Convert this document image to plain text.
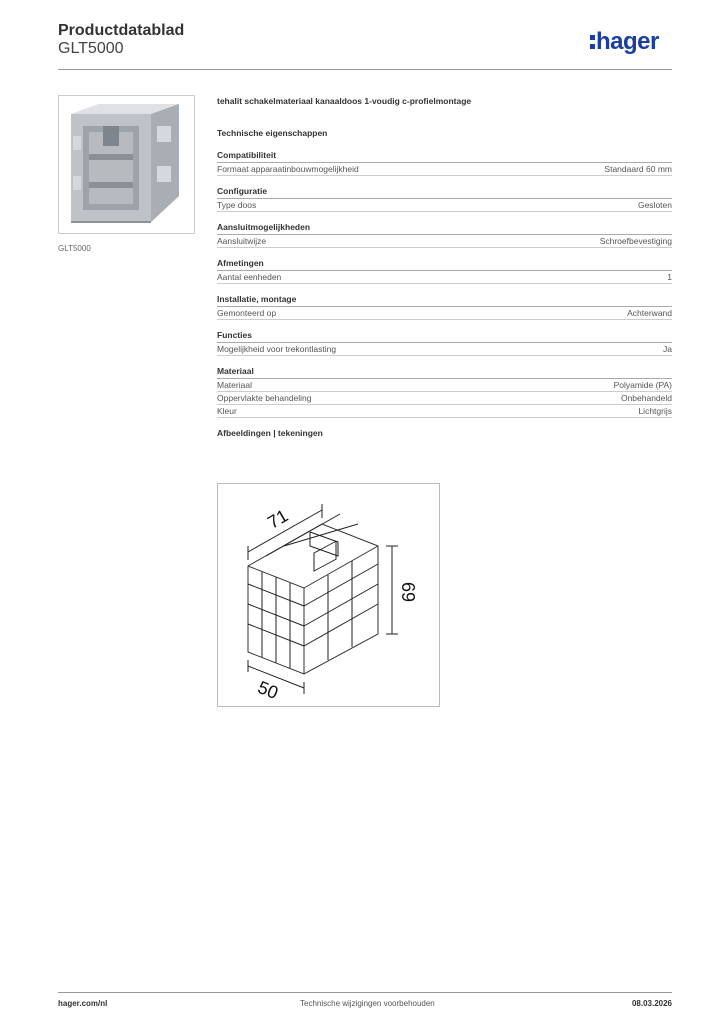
Productdatablad
GLT5000	hager
GLT5000
tehalit schakelmateriaal kanaaldoos 1-voudig c-profielmontage
Technische eigenschappen
Compatibiliteit
Formaat apparaatinbouwmogelijkheid	Standaard 60 mm
Configuratie
Type doos	Gesloten
Aansluitmogelijkheden
Aansluitwijze	Schroefbevestiging
Afmetingen
Aantal eenheden	1
Installatie, montage
Gemonteerd op	Achterwand
Functies
Mogelijkheid voor trekontlasting	Ja
Materiaal
Materiaal	Polyamide (PA)
Oppervlakte behandeling	Onbehandeld
Kleur	Lichtgrijs
Afbeeldingen | tekeningen
71
69
50
hager.com/nl	Technische wijzigingen voorbehouden	08.03.2026
